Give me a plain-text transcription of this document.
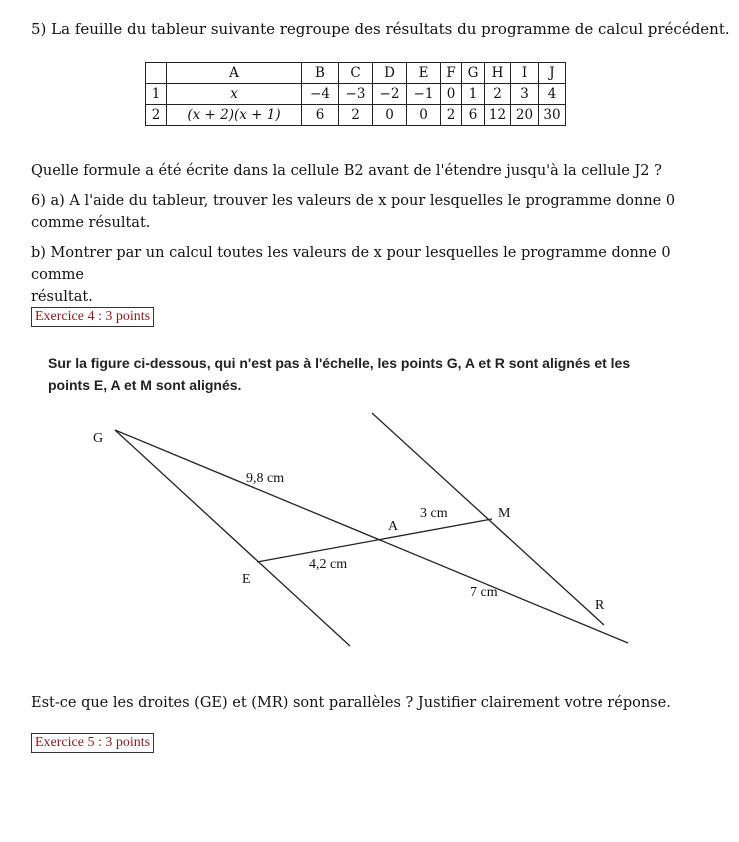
5) La feuille du tableur suivante regroupe des résultats du programme de calcul précédent.
	A	B	C	D	E	F	G	H	I	J
1	x	−4	−3	−2	−1	0	1	2	3	4
2	(x + 2)(x + 1)	6	2	0	0	2	6	12	20	30
Quelle formule a été écrite dans la cellule B2 avant de l'étendre jusqu'à la cellule J2 ?
6) a) A l'aide du tableur, trouver les valeurs de x pour lesquelles le programme donne 0
comme résultat.
b) Montrer par un calcul toutes les valeurs de x pour lesquelles le programme donne 0 comme
résultat.
Exercice 4 : 3 points
Sur la figure ci-dessous, qui n'est pas à l'échelle, les points G, A et R sont alignés et les
points E, A et M sont alignés.
G
E
A
M
R
9,8 cm
3 cm
4,2 cm
7 cm
Est-ce que les droites (GE) et (MR) sont parallèles ? Justifier clairement votre réponse.
Exercice 5 : 3 points
